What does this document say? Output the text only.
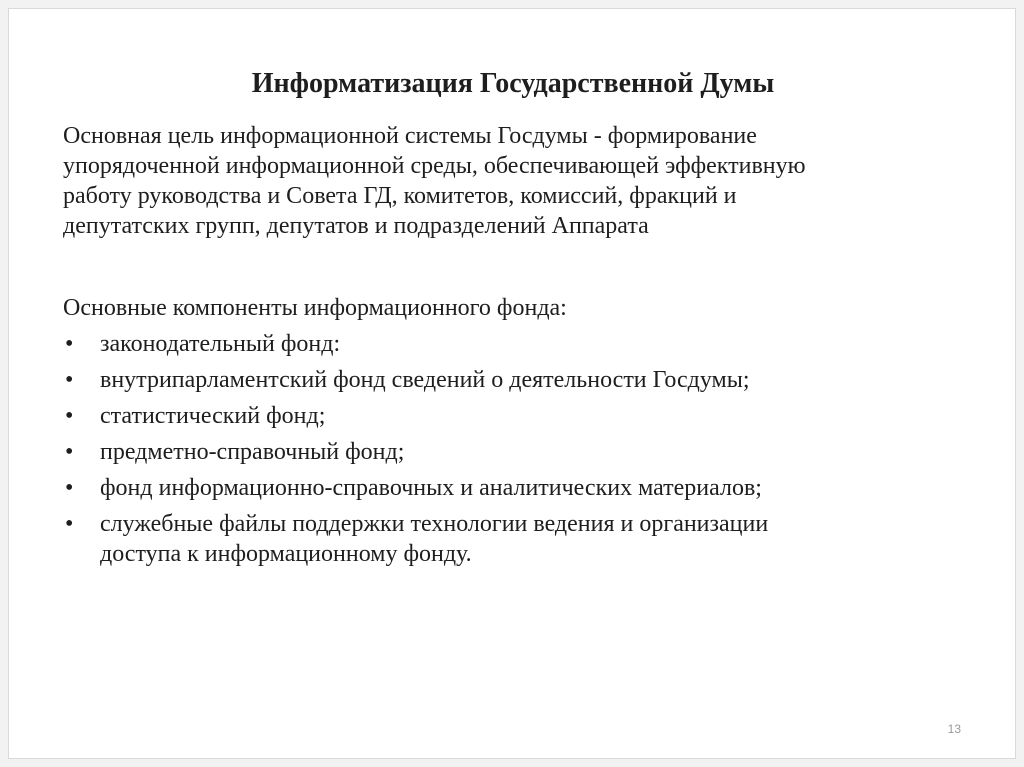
Информатизация Государственной Думы
Основная цель информационной системы Госдумы - формирование
упорядоченной информационной среды, обеспечивающей эффективную
работу руководства и Совета ГД, комитетов, комиссий, фракций и
депутатских групп, депутатов и подразделений Аппарата
Основные компоненты информационного фонда:
•	законодательный фонд:
•	внутрипарламентский фонд сведений о деятельности Госдумы;
•	статистический фонд;
•	предметно-справочный фонд;
•	фонд информационно-справочных и аналитических материалов;
•	служебные файлы поддержки технологии ведения и организации
доступа к информационному фонду.
13
